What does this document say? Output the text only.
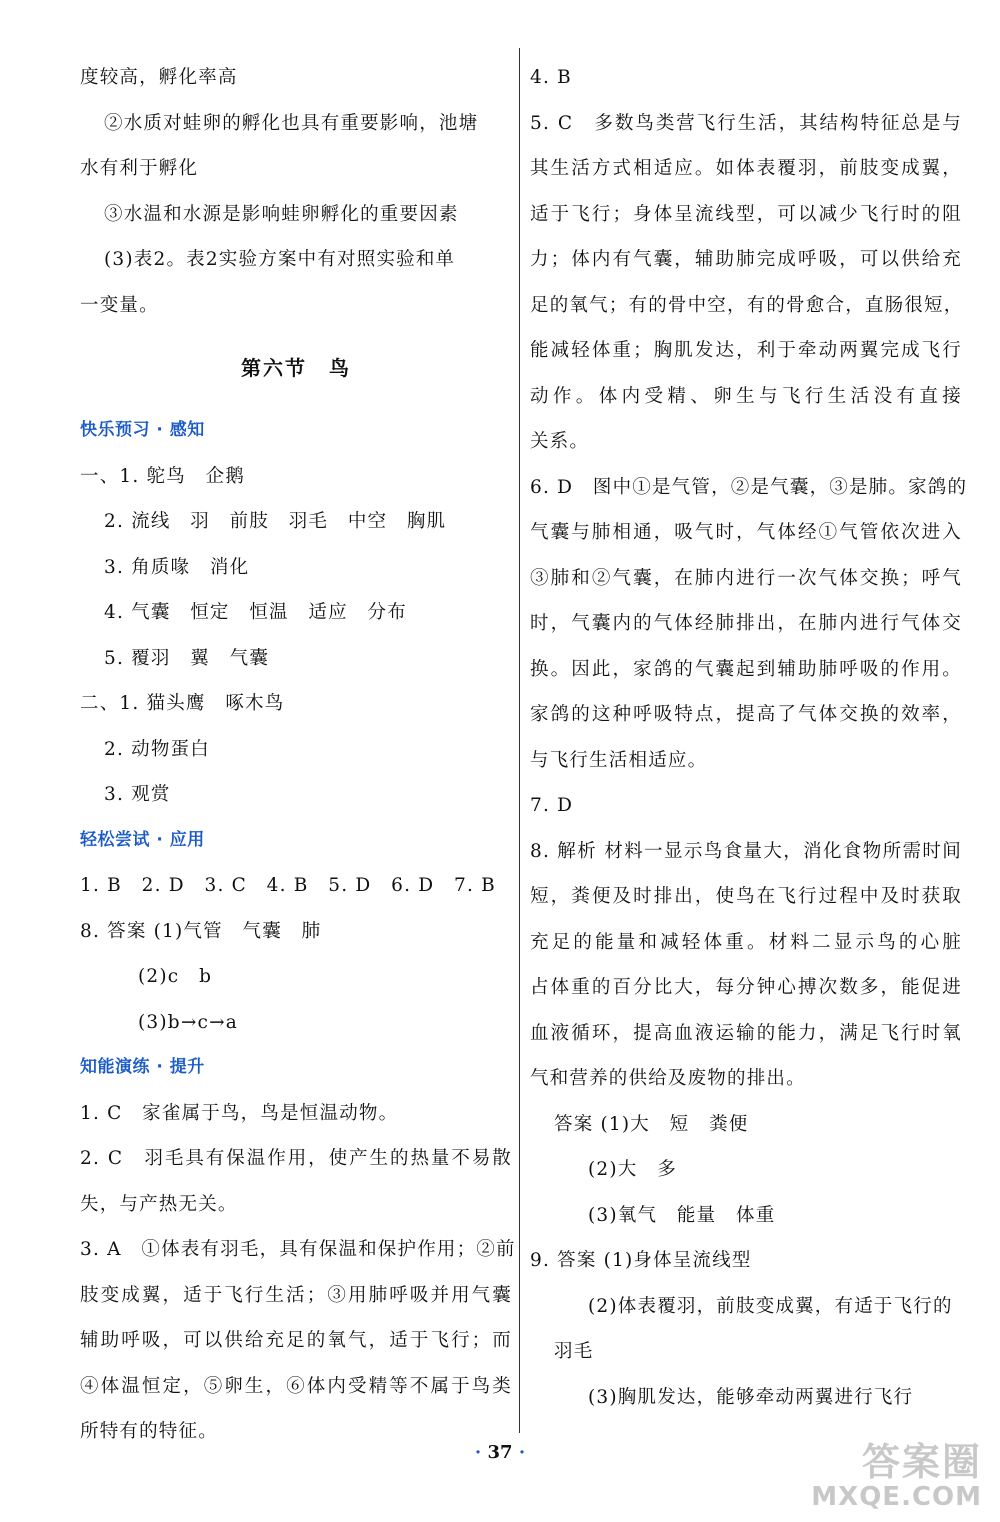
度较高，孵化率高
②水质对蛙卵的孵化也具有重要影响，池塘
水有利于孵化
③水温和水源是影响蛙卵孵化的重要因素
(3)表2。表2实验方案中有对照实验和单
一变量。
第六节　鸟
快乐预习 · 感知
一、1. 鸵鸟　企鹅
2. 流线　羽　前肢　羽毛　中空　胸肌
3. 角质喙　消化
4. 气囊　恒定　恒温　适应　分布
5. 覆羽　翼　气囊
二、1. 猫头鹰　啄木鸟
2. 动物蛋白
3. 观赏
轻松尝试 · 应用
1. B　2. D　3. C　4. B　5. D　6. D　7. B
8. 答案 (1)气管　气囊　肺
(2)c　b
(3)b→c→a
知能演练 · 提升
1. C　家雀属于鸟，鸟是恒温动物。
2. C　羽毛具有保温作用，使产生的热量不易散
失，与产热无关。
3. A　①体表有羽毛，具有保温和保护作用；②前
肢变成翼，适于飞行生活；③用肺呼吸并用气囊
辅助呼吸，可以供给充足的氧气，适于飞行；而
④体温恒定，⑤卵生，⑥体内受精等不属于鸟类
所特有的特征。
4. B
5. C　多数鸟类营飞行生活，其结构特征总是与
其生活方式相适应。如体表覆羽，前肢变成翼，
适于飞行；身体呈流线型，可以减少飞行时的阻
力；体内有气囊，辅助肺完成呼吸，可以供给充
足的氧气；有的骨中空，有的骨愈合，直肠很短，
能减轻体重；胸肌发达，利于牵动两翼完成飞行
动作。体内受精、卵生与飞行生活没有直接
关系。
6. D　图中①是气管，②是气囊，③是肺。家鸽的
气囊与肺相通，吸气时，气体经①气管依次进入
③肺和②气囊，在肺内进行一次气体交换；呼气
时，气囊内的气体经肺排出，在肺内进行气体交
换。因此，家鸽的气囊起到辅助肺呼吸的作用。
家鸽的这种呼吸特点，提高了气体交换的效率，
与飞行生活相适应。
7. D
8. 解析 材料一显示鸟食量大，消化食物所需时间
短，粪便及时排出，使鸟在飞行过程中及时获取
充足的能量和减轻体重。材料二显示鸟的心脏
占体重的百分比大，每分钟心搏次数多，能促进
血液循环，提高血液运输的能力，满足飞行时氧
气和营养的供给及废物的排出。
答案 (1)大　短　粪便
(2)大　多
(3)氧气　能量　体重
9. 答案 (1)身体呈流线型
(2)体表覆羽，前肢变成翼，有适于飞行的
羽毛
(3)胸肌发达，能够牵动两翼进行飞行
· 37 ·	答案圈
MXQE.COM
